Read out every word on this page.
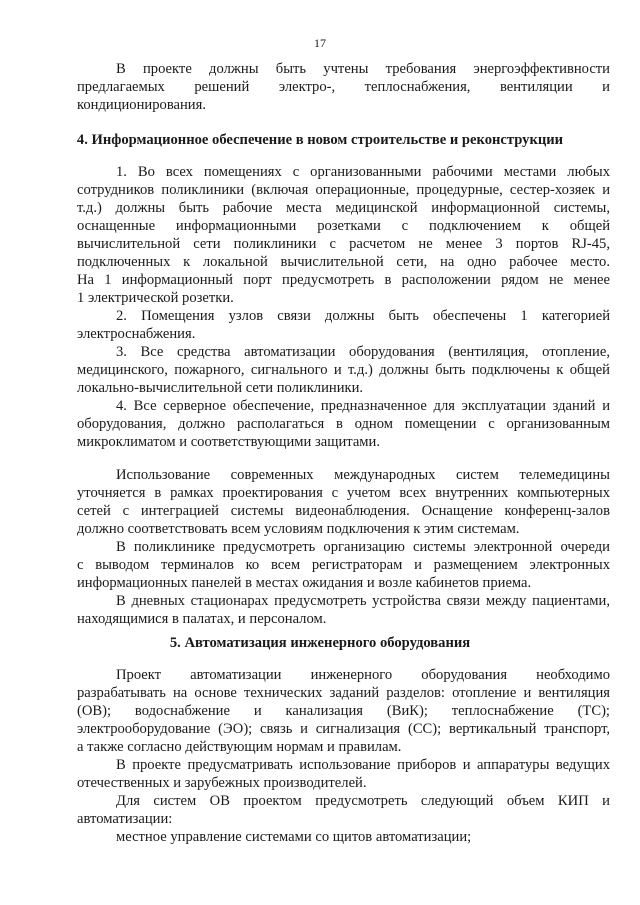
17
В проекте должны быть учтены требования энергоэффективности
предлагаемых решений электро-, теплоснабжения, вентиляции и
кондиционирования.
4. Информационное обеспечение в новом строительстве и реконструкции
1. Во всех помещениях с организованными рабочими местами любых
сотрудников поликлиники (включая операционные, процедурные, сестер-хозяек и
т.д.) должны быть рабочие места медицинской информационной системы,
оснащенные информационными розетками с подключением к общей
вычислительной сети поликлиники с расчетом не менее 3 портов RJ-45,
подключенных к локальной вычислительной сети, на одно рабочее место.
На 1 информационный порт предусмотреть в расположении рядом не менее
1 электрической розетки.
2. Помещения узлов связи должны быть обеспечены 1 категорией
электроснабжения.
3. Все средства автоматизации оборудования (вентиляция, отопление,
медицинского, пожарного, сигнального и т.д.) должны быть подключены к общей
локально-вычислительной сети поликлиники.
4. Все серверное обеспечение, предназначенное для эксплуатации зданий и
оборудования, должно располагаться в одном помещении с организованным
микроклиматом и соответствующими защитами.
Использование современных международных систем телемедицины
уточняется в рамках проектирования с учетом всех внутренних компьютерных
сетей с интеграцией системы видеонаблюдения. Оснащение конференц-залов
должно соответствовать всем условиям подключения к этим системам.
В поликлинике предусмотреть организацию системы электронной очереди
с выводом терминалов ко всем регистраторам и размещением электронных
информационных панелей в местах ожидания и возле кабинетов приема.
В дневных стационарах предусмотреть устройства связи между пациентами,
находящимися в палатах, и персоналом.
5. Автоматизация инженерного оборудования
Проект автоматизации инженерного оборудования необходимо
разрабатывать на основе технических заданий разделов: отопление и вентиляция
(ОВ); водоснабжение и канализация (ВиК); теплоснабжение (ТС);
электрооборудование (ЭО); связь и сигнализация (СС); вертикальный транспорт,
а также согласно действующим нормам и правилам.
В проекте предусматривать использование приборов и аппаратуры ведущих
отечественных и зарубежных производителей.
Для систем ОВ проектом предусмотреть следующий объем КИП и
автоматизации:
местное управление системами со щитов автоматизации;
